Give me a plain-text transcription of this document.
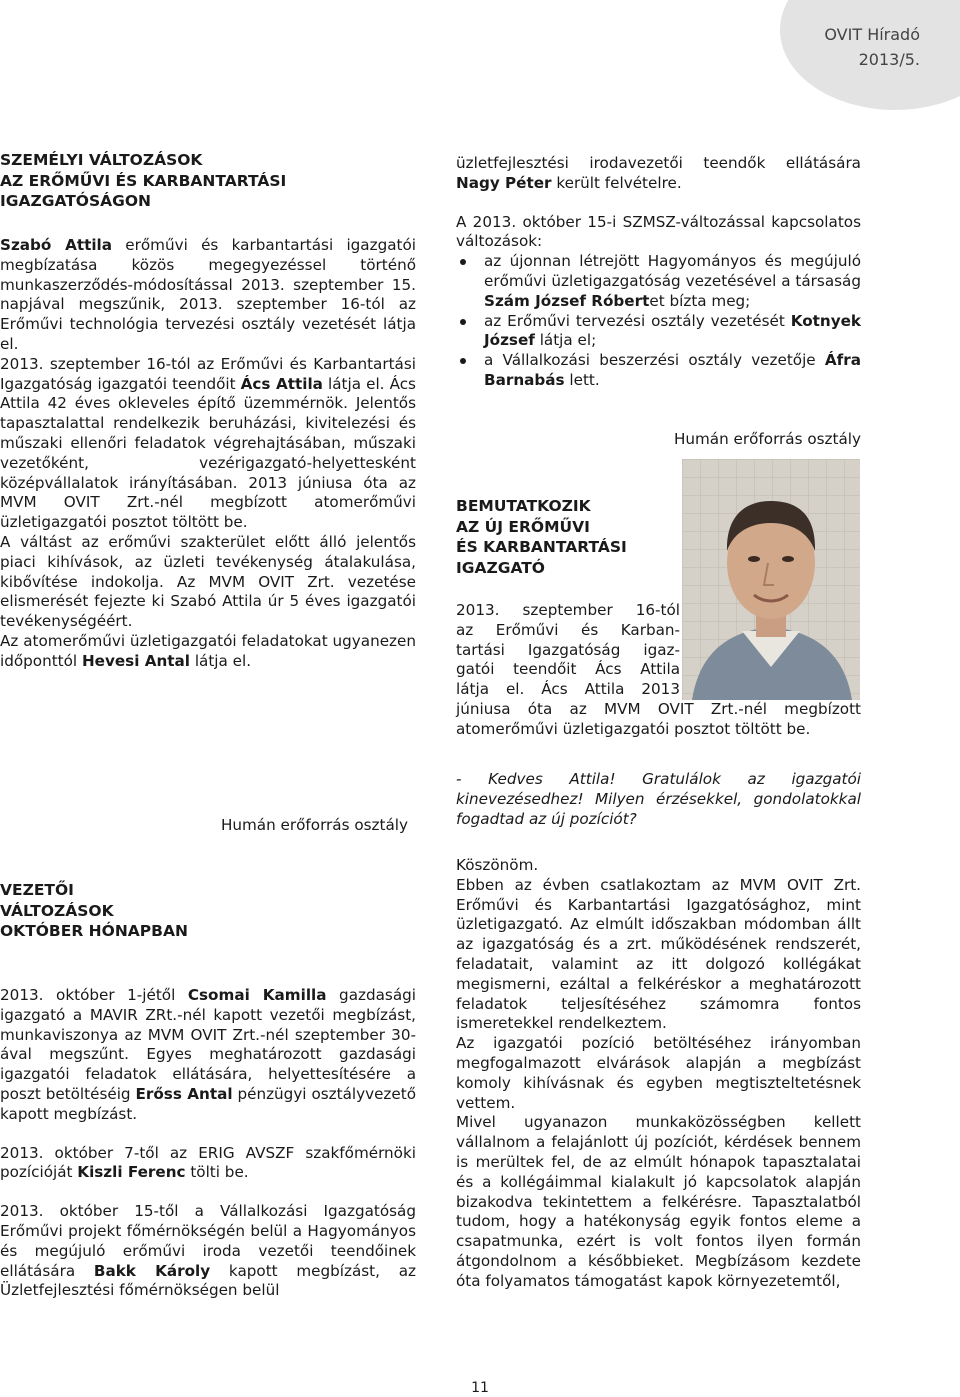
OVIT Híradó
2013/5.
SZEMÉLYI VÁLTOZÁSOK
AZ ERŐMŰVI ÉS KARBANTARTÁSI
IGAZGATÓSÁGON

Szabó Attila erőművi és karbantartási igazgatói megbízatása közös megegyezéssel történő munkaszerződés-módosítással 2013. szeptember 15. napjával megszűnik, 2013. szeptember 16-tól az Erőművi technológia tervezési osztály vezetését látja el.

2013. szeptember 16-tól az Erőművi és Karbantartási Igazgatóság igazgatói teendőit Ács Attila látja el. Ács Attila 42 éves okleveles építő üzemmérnök. Jelentős tapasztalattal rendelkezik beruházási, kivitelezési és műszaki ellenőri feladatok végrehajtásában, műszaki vezetőként, vezérigazgató-helyettesként középvállalatok irányításában. 2013 júniusa óta az MVM OVIT Zrt.-nél megbízott atomerőművi üzletigazgatói posztot töltött be.

A váltást az erőművi szakterület előtt álló jelentős piaci kihívások, az üzleti tevékenység átalakulása, kibővítése indokolja. Az MVM OVIT Zrt. vezetése elismerését fejezte ki Szabó Attila úr 5 éves igazgatói tevékenységéért.

Az atomerőművi üzletigazgatói feladatokat ugyanezen időponttól Hevesi Antal látja el.

Humán erőforrás osztály

VEZETŐI
VÁLTOZÁSOK
OKTÓBER HÓNAPBAN

2013. október 1-jétől Csomai Kamilla gazdasági igazgató a MAVIR ZRt.-nél kapott vezetői megbízást, munkaviszonya az MVM OVIT Zrt.-nél szeptember 30-ával megszűnt. Egyes meghatározott gazdasági igazgatói feladatok ellátására, helyettesítésére a poszt betöltéséig Erőss Antal pénzügyi osztályvezető kapott megbízást.

2013. október 7-től az ERIG AVSZF szakfőmérnöki pozícióját Kiszli Ferenc tölti be.

2013. október 15-től a Vállalkozási Igazgatóság Erőművi projekt főmérnökségén belül a Hagyományos és megújuló erőművi iroda vezetői teendőinek ellátására Bakk Károly kapott megbízást, az Üzletfejlesztési főmérnökségen belül

üzletfejlesztési irodavezetői teendők ellátására Nagy Péter került felvételre.

A 2013. október 15-i SZMSZ-változással kapcsolatos változások:

az újonnan létrejött Hagyományos és megújuló erőművi üzletigazgatóság vezetésével a társaság Szám József Róbertet bízta meg;
az Erőművi tervezési osztály vezetését Kotnyek József látja el;
a Vállalkozási beszerzési osztály vezetője Áfra Barnabás lett.

Humán erőforrás osztály

BEMUTATKOZIK
AZ ÚJ ERŐMŰVI
ÉS KARBANTARTÁSI
IGAZGATÓ
2013. szeptember 16-tól
az Erőművi és Karban-
tartási Igazgatóság igaz-
gatói teendőit Ács Attila
látja el. Ács Attila 2013

júniusa óta az MVM OVIT Zrt.-nél megbízott atomerőművi üzletigazgatói posztot töltött be.

- Kedves Attila! Gratulálok az igazgatói kinevezésedhez! Milyen érzésekkel, gondolatokkal fogadtad az új pozíciót?

Köszönöm.

Ebben az évben csatlakoztam az MVM OVIT Zrt. Erőművi és Karbantartási Igazgatósághoz, mint üzletigazgató. Az elmúlt időszakban módomban állt az igazgatóság és a zrt. működésének rendszerét, feladatait, valamint az itt dolgozó kollégákat megismerni, ezáltal a felkéréskor a meghatározott feladatok teljesítéséhez számomra fontos ismeretekkel rendelkeztem.

Az igazgatói pozíció betöltéséhez irányomban megfogalmazott elvárások alapján a megbízást komoly kihívásnak és egyben megtiszteltetésnek vettem.

Mivel ugyanazon munkaközösségben kellett vállalnom a felajánlott új pozíciót, kérdések bennem is merültek fel, de az elmúlt hónapok tapasztalatai és a kollégáimmal kialakult jó kapcsolatok alapján bizakodva tekintettem a felkérésre. Tapasztalatból tudom, hogy a hatékonyság egyik fontos eleme a csapatmunka, ezért is volt fontos ilyen formán átgondolnom a későbbieket. Megbízásom kezdete óta folyamatos támogatást kapok környezetemtől,

11
